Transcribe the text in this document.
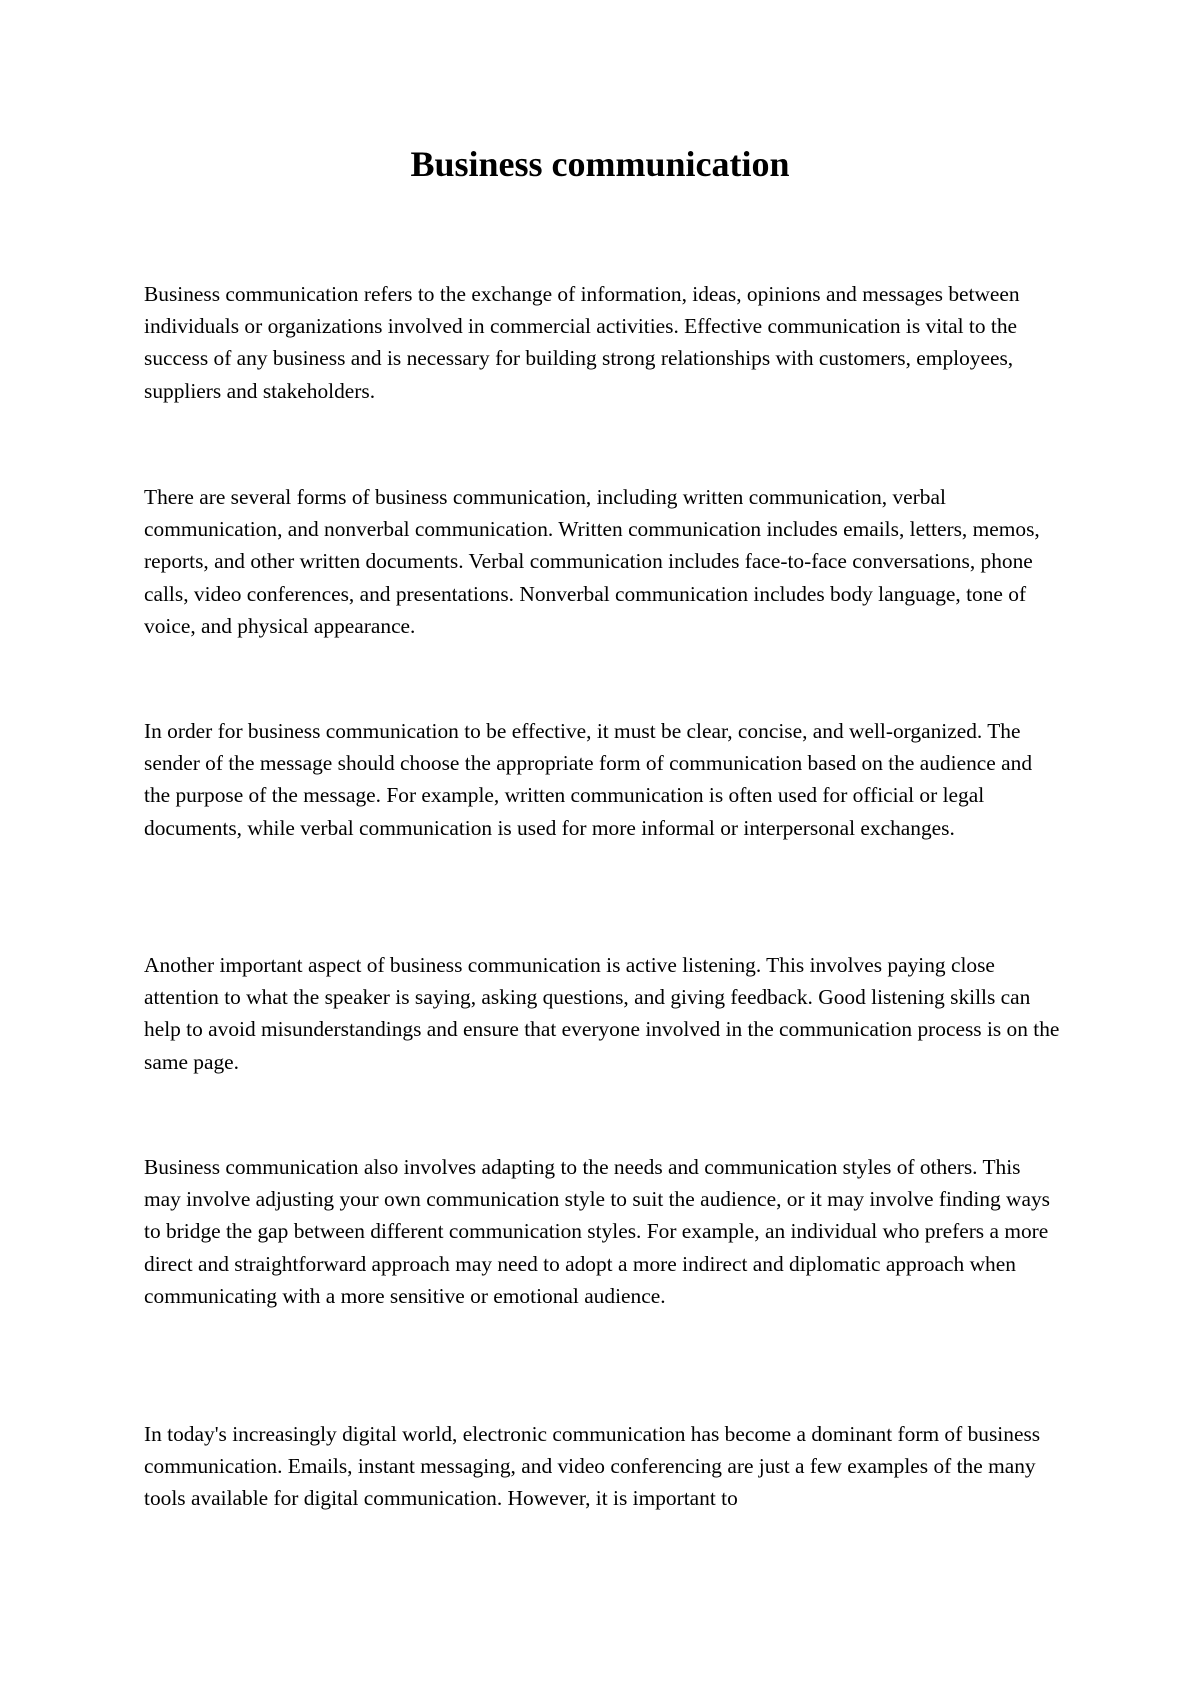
Business communication

Business communication refers to the exchange of information, ideas, opinions and messages between individuals or organizations involved in commercial activities. Effective communication is vital to the success of any business and is necessary for building strong relationships with customers, employees, suppliers and stakeholders.

There are several forms of business communication, including written communication, verbal communication, and nonverbal communication. Written communication includes emails, letters, memos, reports, and other written documents. Verbal communication includes face-to-face conversations, phone calls, video conferences, and presentations. Nonverbal communication includes body language, tone of voice, and physical appearance.

In order for business communication to be effective, it must be clear, concise, and well-organized. The sender of the message should choose the appropriate form of communication based on the audience and the purpose of the message. For example, written communication is often used for official or legal documents, while verbal communication is used for more informal or interpersonal exchanges.

Another important aspect of business communication is active listening. This involves paying close attention to what the speaker is saying, asking questions, and giving feedback. Good listening skills can help to avoid misunderstandings and ensure that everyone involved in the communication process is on the same page.

Business communication also involves adapting to the needs and communication styles of others. This may involve adjusting your own communication style to suit the audience, or it may involve finding ways to bridge the gap between different communication styles. For example, an individual who prefers a more direct and straightforward approach may need to adopt a more indirect and diplomatic approach when communicating with a more sensitive or emotional audience.

In today's increasingly digital world, electronic communication has become a dominant form of business communication. Emails, instant messaging, and video conferencing are just a few examples of the many tools available for digital communication. However, it is important to
